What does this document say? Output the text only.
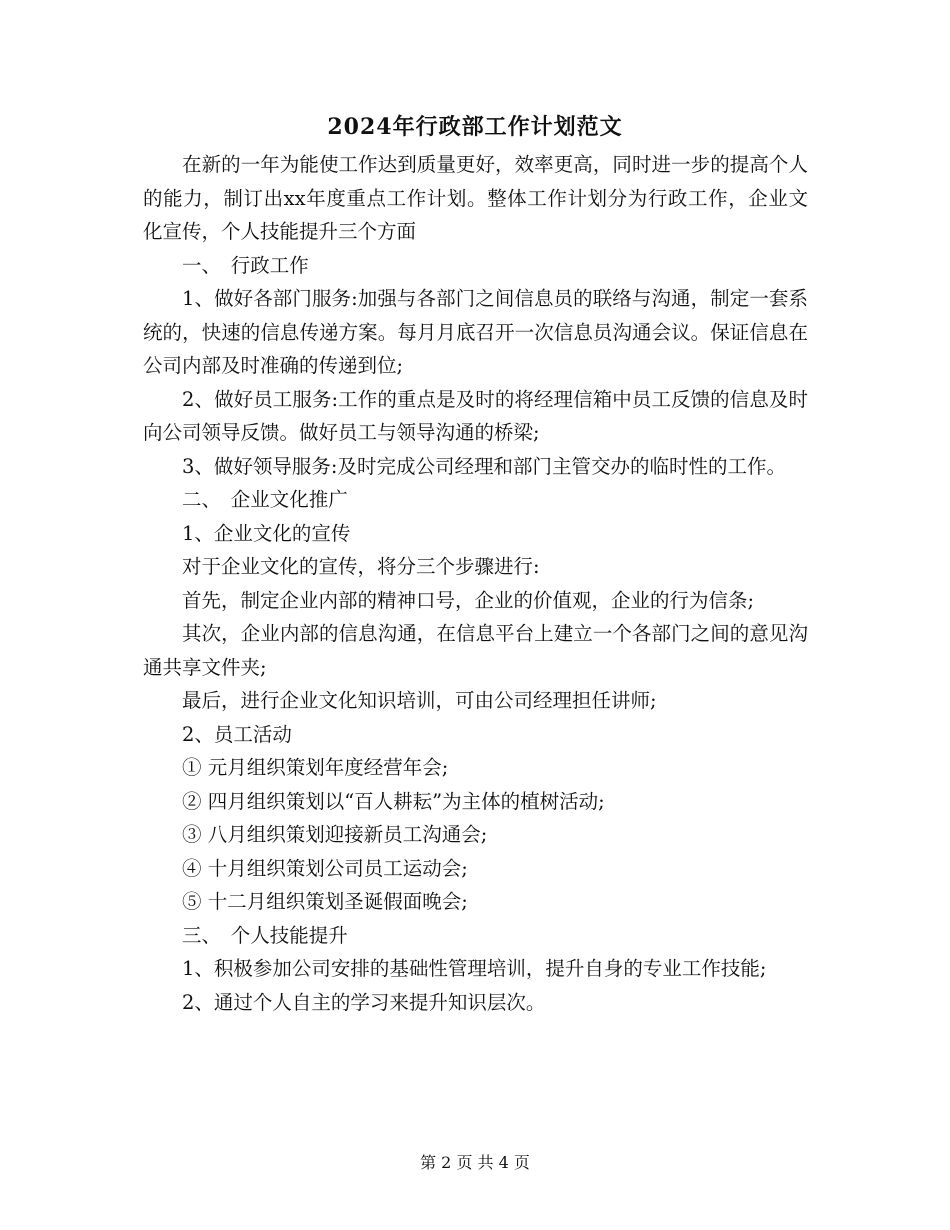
2024年行政部工作计划范文

在新的一年为能使工作达到质量更好，效率更高，同时进一步的提高个人的能力，制订出xx年度重点工作计划。整体工作计划分为行政工作，企业文化宣传，个人技能提升三个方面

一、　行政工作

1、做好各部门服务:加强与各部门之间信息员的联络与沟通，制定一套系统的，快速的信息传递方案。每月月底召开一次信息员沟通会议。保证信息在公司内部及时准确的传递到位;

2、做好员工服务:工作的重点是及时的将经理信箱中员工反馈的信息及时向公司领导反馈。做好员工与领导沟通的桥梁;

3、做好领导服务:及时完成公司经理和部门主管交办的临时性的工作。

二、　企业文化推广

1、企业文化的宣传

对于企业文化的宣传，将分三个步骤进行:

首先，制定企业内部的精神口号，企业的价值观，企业的行为信条;

其次，企业内部的信息沟通，在信息平台上建立一个各部门之间的意见沟通共享文件夹;

最后，进行企业文化知识培训，可由公司经理担任讲师;

2、员工活动

① 元月组织策划年度经营年会;

② 四月组织策划以“百人耕耘”为主体的植树活动;

③ 八月组织策划迎接新员工沟通会;

④ 十月组织策划公司员工运动会;

⑤ 十二月组织策划圣诞假面晚会;

三、　个人技能提升

1、积极参加公司安排的基础性管理培训，提升自身的专业工作技能;

2、通过个人自主的学习来提升知识层次。

第 2 页 共 4 页
